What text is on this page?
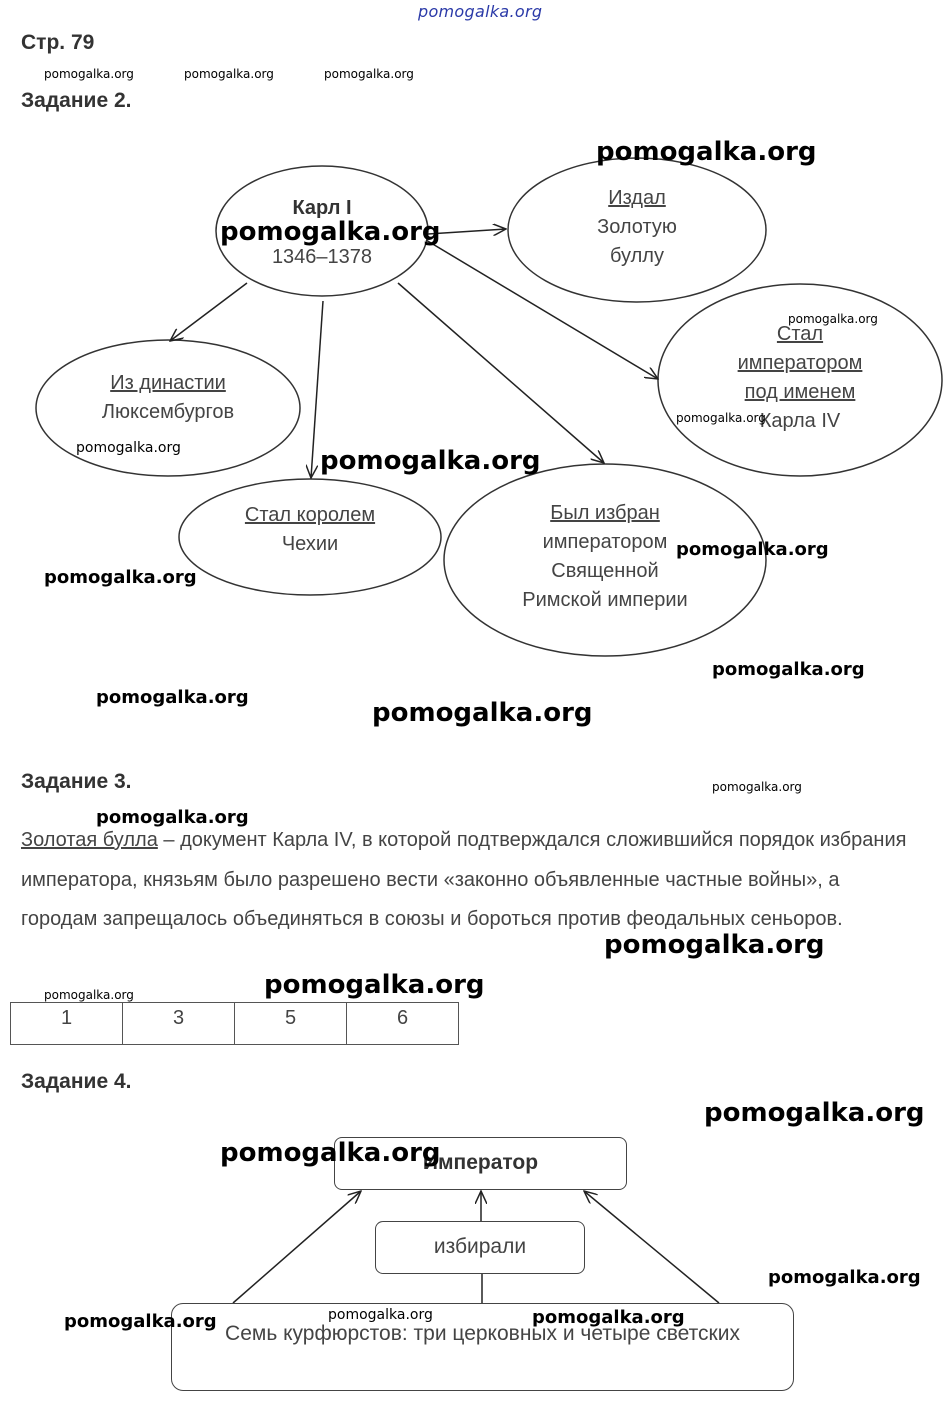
Стр. 79
Задание 2.
Карл I
1346–1378
Издал
Золотую
буллу
Стал
императором
под именем
Карла IV
Из династии
Люксембургов
Стал королем
Чехии
Был избран
императором
Священной
Римской империи
Задание 3.
Золотая булла – документ Карла IV, в которой подтверждался сложившийся порядок избрания императора, князьям было разрешено вести «законно объявленные частные войны», а городам запрещалось объединяться в союзы и бороться против феодальных сеньоров.
1	3	5	6
Задание 4.
Император
избирали
Семь курфюрстов: три церковных и четыре светских
pomogalka.org
pomogalka.org	pomogalka.org	pomogalka.org
pomogalka.org
pomogalka.org
pomogalka.org
pomogalka.org
pomogalka.org	pomogalka.org
pomogalka.org
pomogalka.org
pomogalka.org
pomogalka.org
pomogalka.org
pomogalka.org
pomogalka.org
pomogalka.org
pomogalka.org	pomogalka.org
pomogalka.org
pomogalka.org
pomogalka.org
pomogalka.org	pomogalka.org
pomogalka.org
